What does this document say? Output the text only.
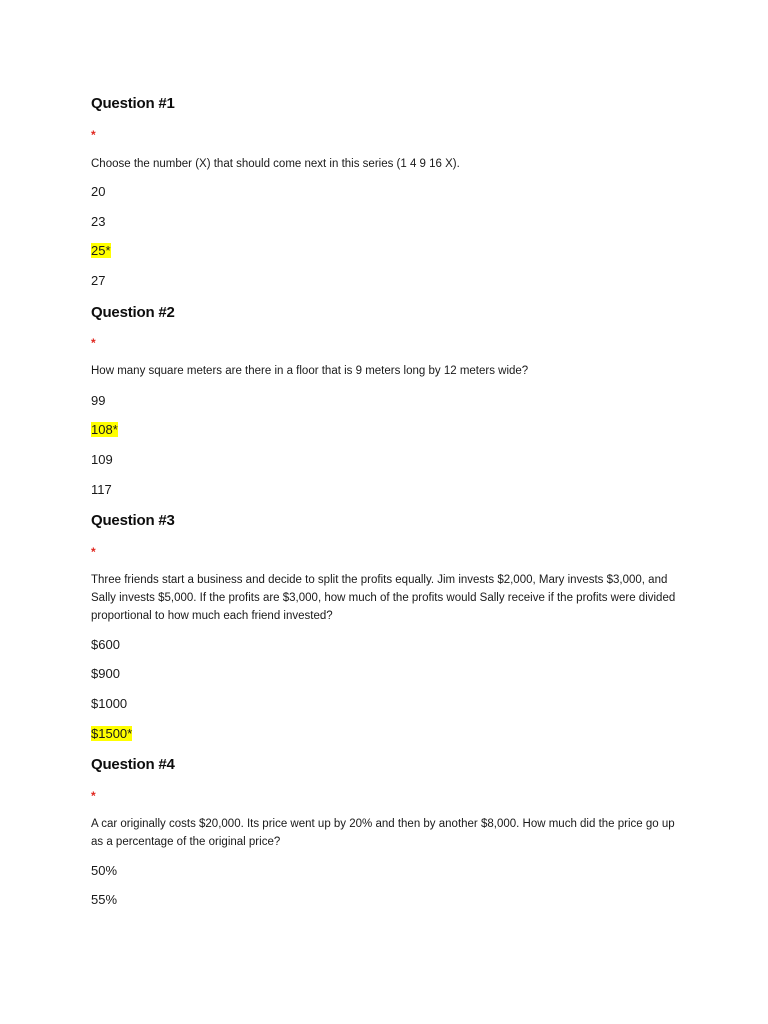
Question #1
*
Choose the number (X) that should come next in this series (1 4 9 16 X).
20
23
25*
27
Question #2
*
How many square meters are there in a floor that is 9 meters long by 12 meters wide?
99
108*
109
117
Question #3
*
Three friends start a business and decide to split the profits equally. Jim invests $2,000, Mary invests $3,000, and Sally invests $5,000. If the profits are $3,000, how much of the profits would Sally receive if the profits were divided proportional to how much each friend invested?
$600
$900
$1000
$1500*
Question #4
*
A car originally costs $20,000. Its price went up by 20% and then by another $8,000. How much did the price go up as a percentage of the original price?
50%
55%
